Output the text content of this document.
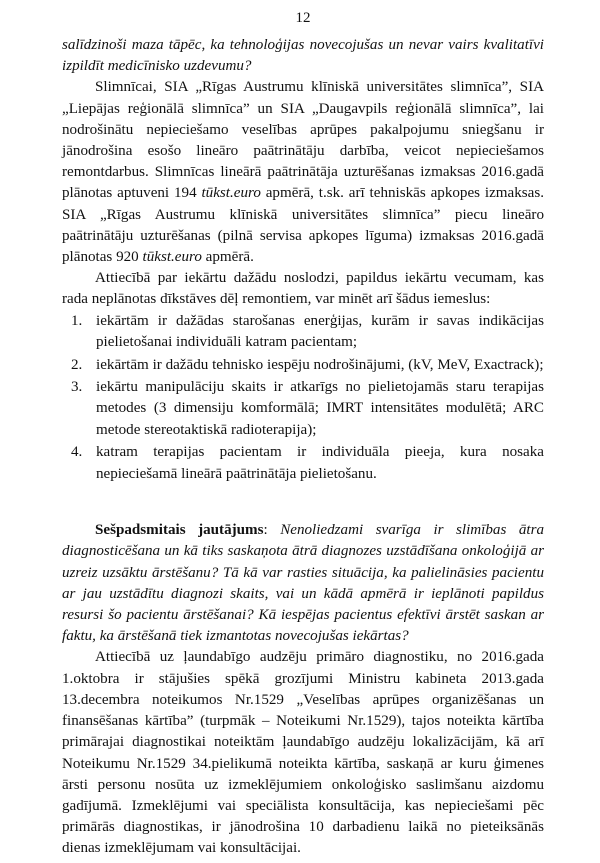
12

salīdzinoši maza tāpēc, ka tehnoloģijas novecojušas un nevar vairs kvalitatīvi izpildīt medicīnisko uzdevumu?

Slimnīcai, SIA „Rīgas Austrumu klīniskā universitātes slimnīca”, SIA „Liepājas reģionālā slimnīca” un SIA „Daugavpils reģionālā slimnīca”, lai nodrošinātu nepieciešamo veselības aprūpes pakalpojumu sniegšanu ir jānodrošina esošo lineāro paātrinātāju darbība, veicot nepieciešamos remontdarbus. Slimnīcas lineārā paātrinātāja uzturēšanas izmaksas 2016.gadā plānotas aptuveni 194 tūkst.euro apmērā, t.sk. arī tehniskās apkopes izmaksas. SIA „Rīgas Austrumu klīniskā universitātes slimnīca” piecu lineāro paātrinātāju uzturēšanas (pilnā servisa apkopes līguma) izmaksas 2016.gadā plānotas 920 tūkst.euro apmērā.

Attiecībā par iekārtu dažādu noslodzi, papildus iekārtu vecumam, kas rada neplānotas dīkstāves dēļ remontiem, var minēt arī šādus iemeslus:

1. iekārtām ir dažādas starošanas enerģijas, kurām ir savas indikācijas pielietošanai individuāli katram pacientam;
2. iekārtām ir dažādu tehnisko iespēju nodrošinājumi, (kV, MeV, Exactrack);
3. iekārtu manipulāciju skaits ir atkarīgs no pielietojamās staru terapijas metodes (3 dimensiju komformālā; IMRT intensitātes modulētā; ARC metode stereotaktiskā radioterapija);
4. katram terapijas pacientam ir individuāla pieeja, kura nosaka nepieciešamā lineārā paātrinātāja pielietošanu.

Sešpadsmitais jautājums: Nenoliedzami svarīga ir slimības ātra diagnosticēšana un kā tiks saskaņota ātrā diagnozes uzstādīšana onkoloģijā ar uzreiz uzsāktu ārstēšanu? Tā kā var rasties situācija, ka palielināsies pacientu ar jau uzstādītu diagnozi skaits, vai un kādā apmērā ir ieplānoti papildus resursi šo pacientu ārstēšanai? Kā iespējas pacientus efektīvi ārstēt saskan ar faktu, ka ārstēšanā tiek izmantotas novecojušas iekārtas?

Attiecībā uz ļaundabīgo audzēju primāro diagnostiku, no 2016.gada 1.oktobra ir stājušies spēkā grozījumi Ministru kabineta 2013.gada 13.decembra noteikumos Nr.1529 „Veselības aprūpes organizēšanas un finansēšanas kārtība” (turpmāk – Noteikumi Nr.1529), tajos noteikta kārtība primārajai diagnostikai noteiktām ļaundabīgo audzēju lokalizācijām, kā arī Noteikumu Nr.1529 34.pielikumā noteikta kārtība, saskaņā ar kuru ģimenes ārsti personu nosūta uz izmeklējumiem onkoloģisko saslimšanu aizdomu gadījumā. Izmeklējumi vai speciālista konsultācija, kas nepieciešami pēc primārās diagnostikas, ir jānodrošina 10 darbadienu laikā no pieteiksānās dienas izmeklējumam vai konsultācijai.
